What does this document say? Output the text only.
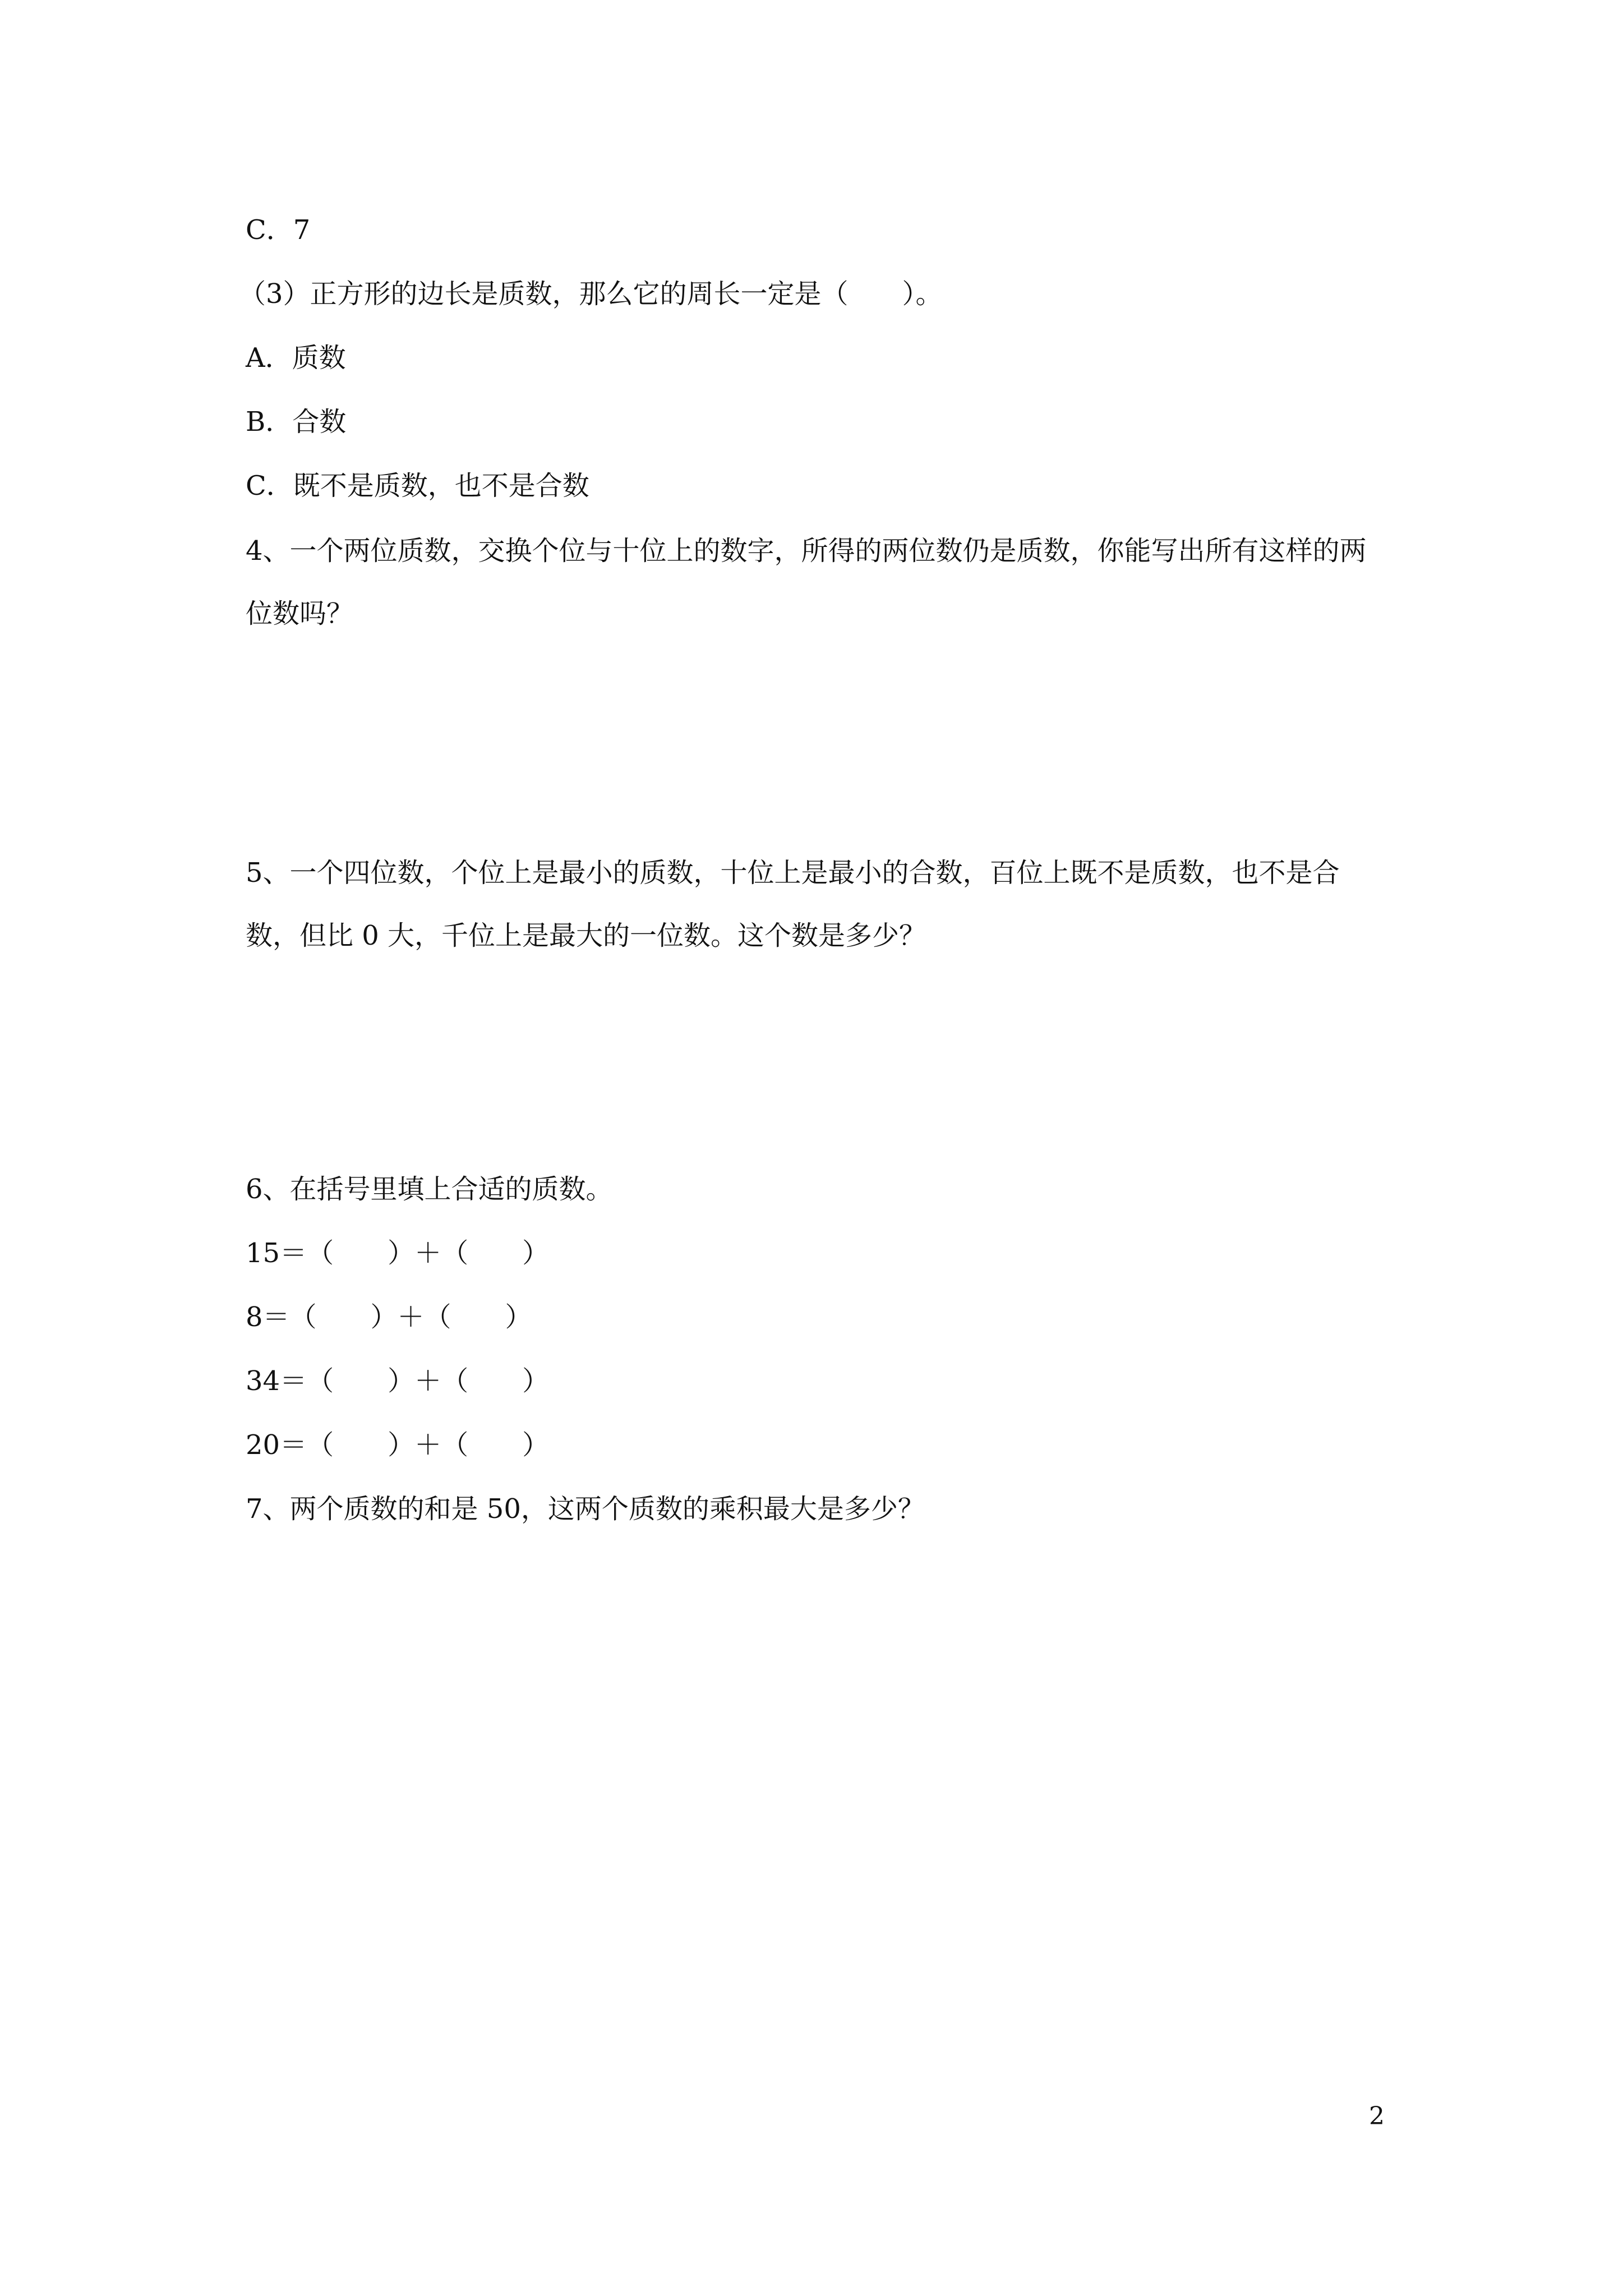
C．7

（3）正方形的边长是质数，那么它的周长一定是（　　）。

A．质数

B．合数

C．既不是质数，也不是合数

4、一个两位质数，交换个位与十位上的数字，所得的两位数仍是质数，你能写出所有这样的两位数吗？

5、一个四位数，个位上是最小的质数，十位上是最小的合数，百位上既不是质数，也不是合数，但比 0 大，千位上是最大的一位数。这个数是多少？

6、在括号里填上合适的质数。

15＝（　　）＋（　　）

8＝（　　）＋（　　）

34＝（　　）＋（　　）

20＝（　　）＋（　　）

7、两个质数的和是 50，这两个质数的乘积最大是多少？

2
